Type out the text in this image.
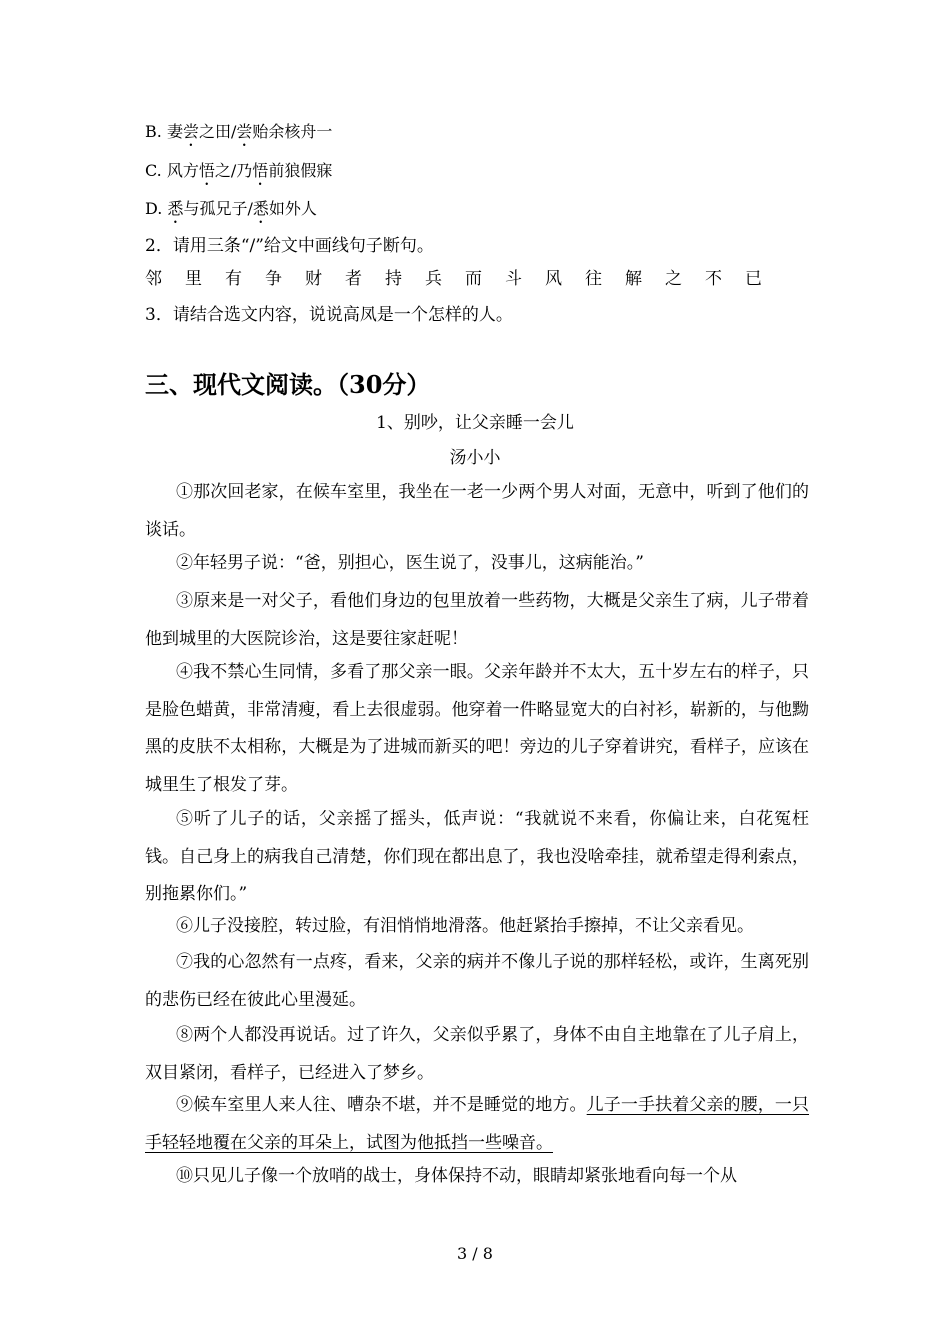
B. 妻尝之田/尝贻余核舟一
C. 风方悟之/乃悟前狼假寐
D. 悉与孤兄子/悉如外人
2．请用三条“/”给文中画线句子断句。
邻里有争财者持兵而斗风往解之不已
3．请结合选文内容，说说高凤是一个怎样的人。
三、现代文阅读。（30分）
1、别吵，让父亲睡一会儿
汤小小
①那次回老家，在候车室里，我坐在一老一少两个男人对面，无意中，听到了他们的谈话。
②年轻男子说：“爸，别担心，医生说了，没事儿，这病能治。”
③原来是一对父子，看他们身边的包里放着一些药物，大概是父亲生了病，儿子带着他到城里的大医院诊治，这是要往家赶呢！
④我不禁心生同情，多看了那父亲一眼。父亲年龄并不太大，五十岁左右的样子，只是脸色蜡黄，非常清瘦，看上去很虚弱。他穿着一件略显宽大的白衬衫，崭新的，与他黝黑的皮肤不太相称，大概是为了进城而新买的吧！旁边的儿子穿着讲究，看样子，应该在城里生了根发了芽。
⑤听了儿子的话，父亲摇了摇头，低声说：“我就说不来看，你偏让来，白花冤枉钱。自己身上的病我自己清楚，你们现在都出息了，我也没啥牵挂，就希望走得利索点，别拖累你们。”
⑥儿子没接腔，转过脸，有泪悄悄地滑落。他赶紧抬手擦掉，不让父亲看见。
⑦我的心忽然有一点疼，看来，父亲的病并不像儿子说的那样轻松，或许，生离死别的悲伤已经在彼此心里漫延。
⑧两个人都没再说话。过了许久，父亲似乎累了，身体不由自主地靠在了儿子肩上，双目紧闭，看样子，已经进入了梦乡。
⑨候车室里人来人往、嘈杂不堪，并不是睡觉的地方。儿子一手扶着父亲的腰，一只手轻轻地覆在父亲的耳朵上，试图为他抵挡一些噪音。
⑩只见儿子像一个放哨的战士，身体保持不动，眼睛却紧张地看向每一个从
3 / 8
